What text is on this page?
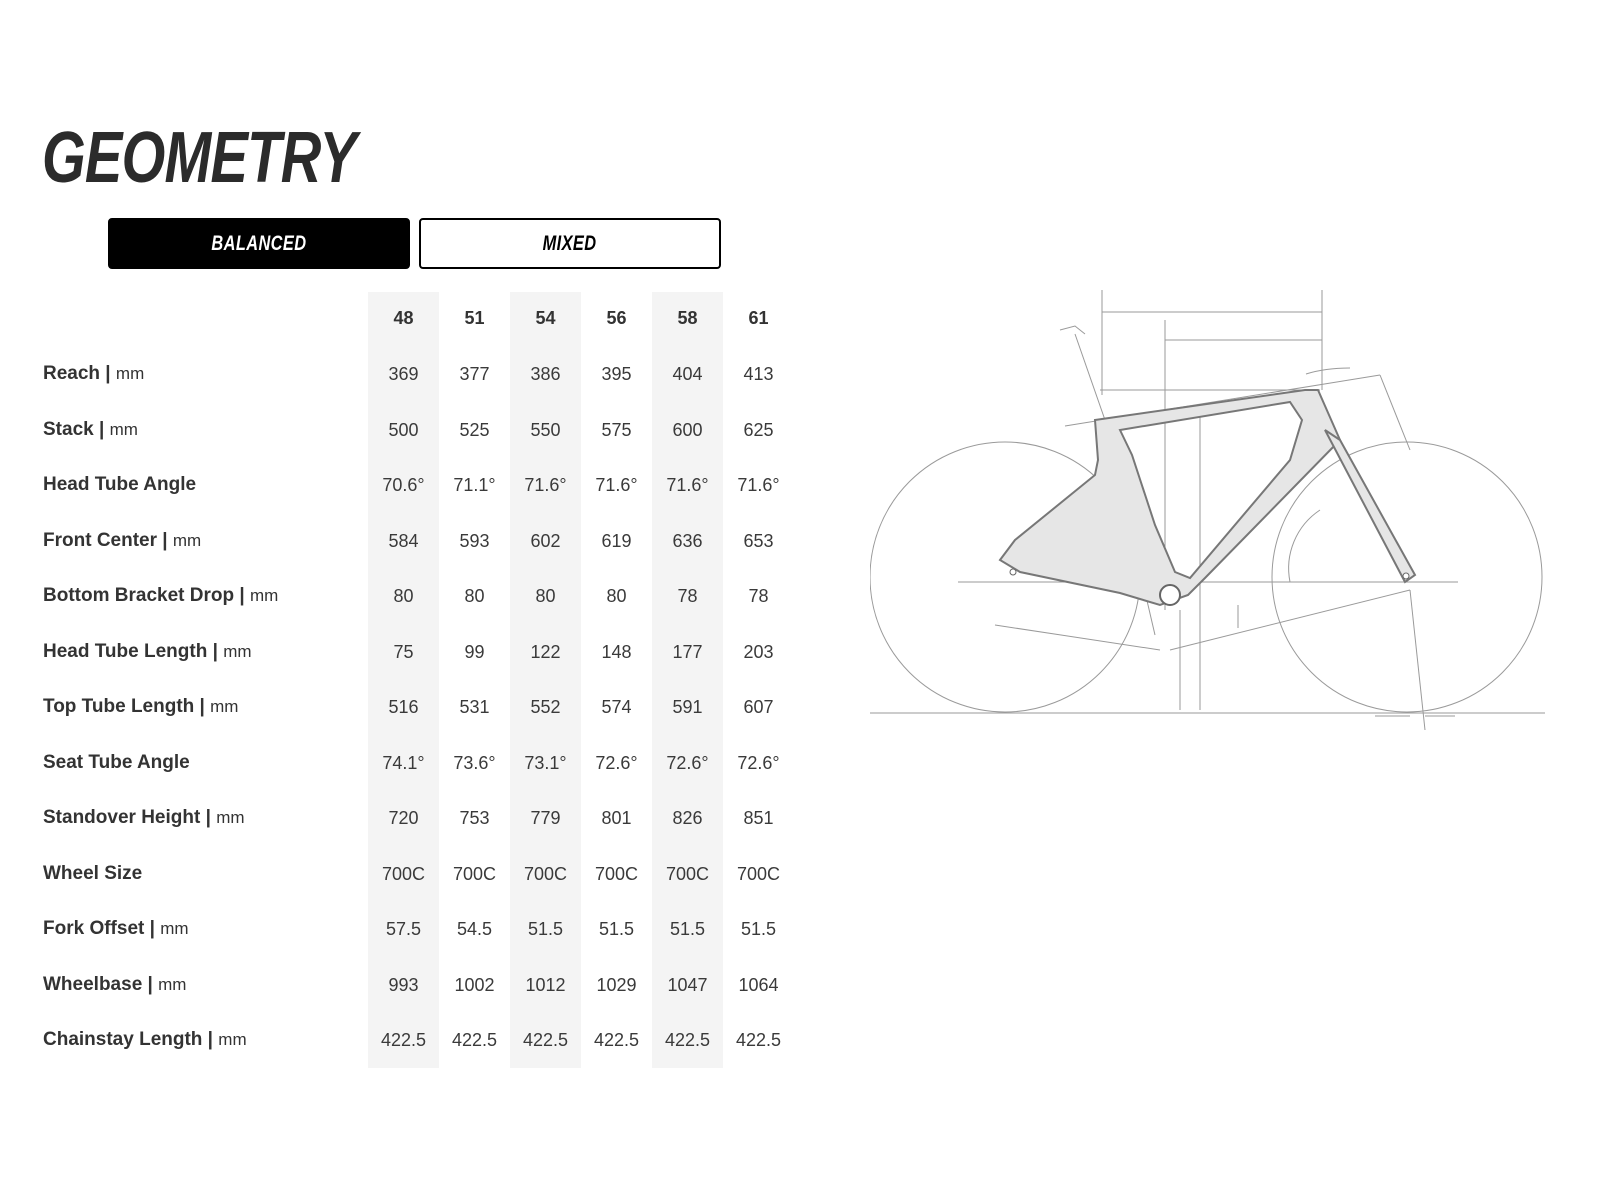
GEOMETRY
BALANCED	MIXED
48	51	54	56	58	61
Reach | mm	369	377	386	395	404	413
Stack | mm	500	525	550	575	600	625
Head Tube Angle	70.6°	71.1°	71.6°	71.6°	71.6°	71.6°
Front Center | mm	584	593	602	619	636	653
Bottom Bracket Drop | mm	80	80	80	80	78	78
Head Tube Length | mm	75	99	122	148	177	203
Top Tube Length | mm	516	531	552	574	591	607
Seat Tube Angle	74.1°	73.6°	73.1°	72.6°	72.6°	72.6°
Standover Height | mm	720	753	779	801	826	851
Wheel Size	700C	700C	700C	700C	700C	700C
Fork Offset | mm	57.5	54.5	51.5	51.5	51.5	51.5
Wheelbase | mm	993	1002	1012	1029	1047	1064
Chainstay Length | mm	422.5	422.5	422.5	422.5	422.5	422.5
